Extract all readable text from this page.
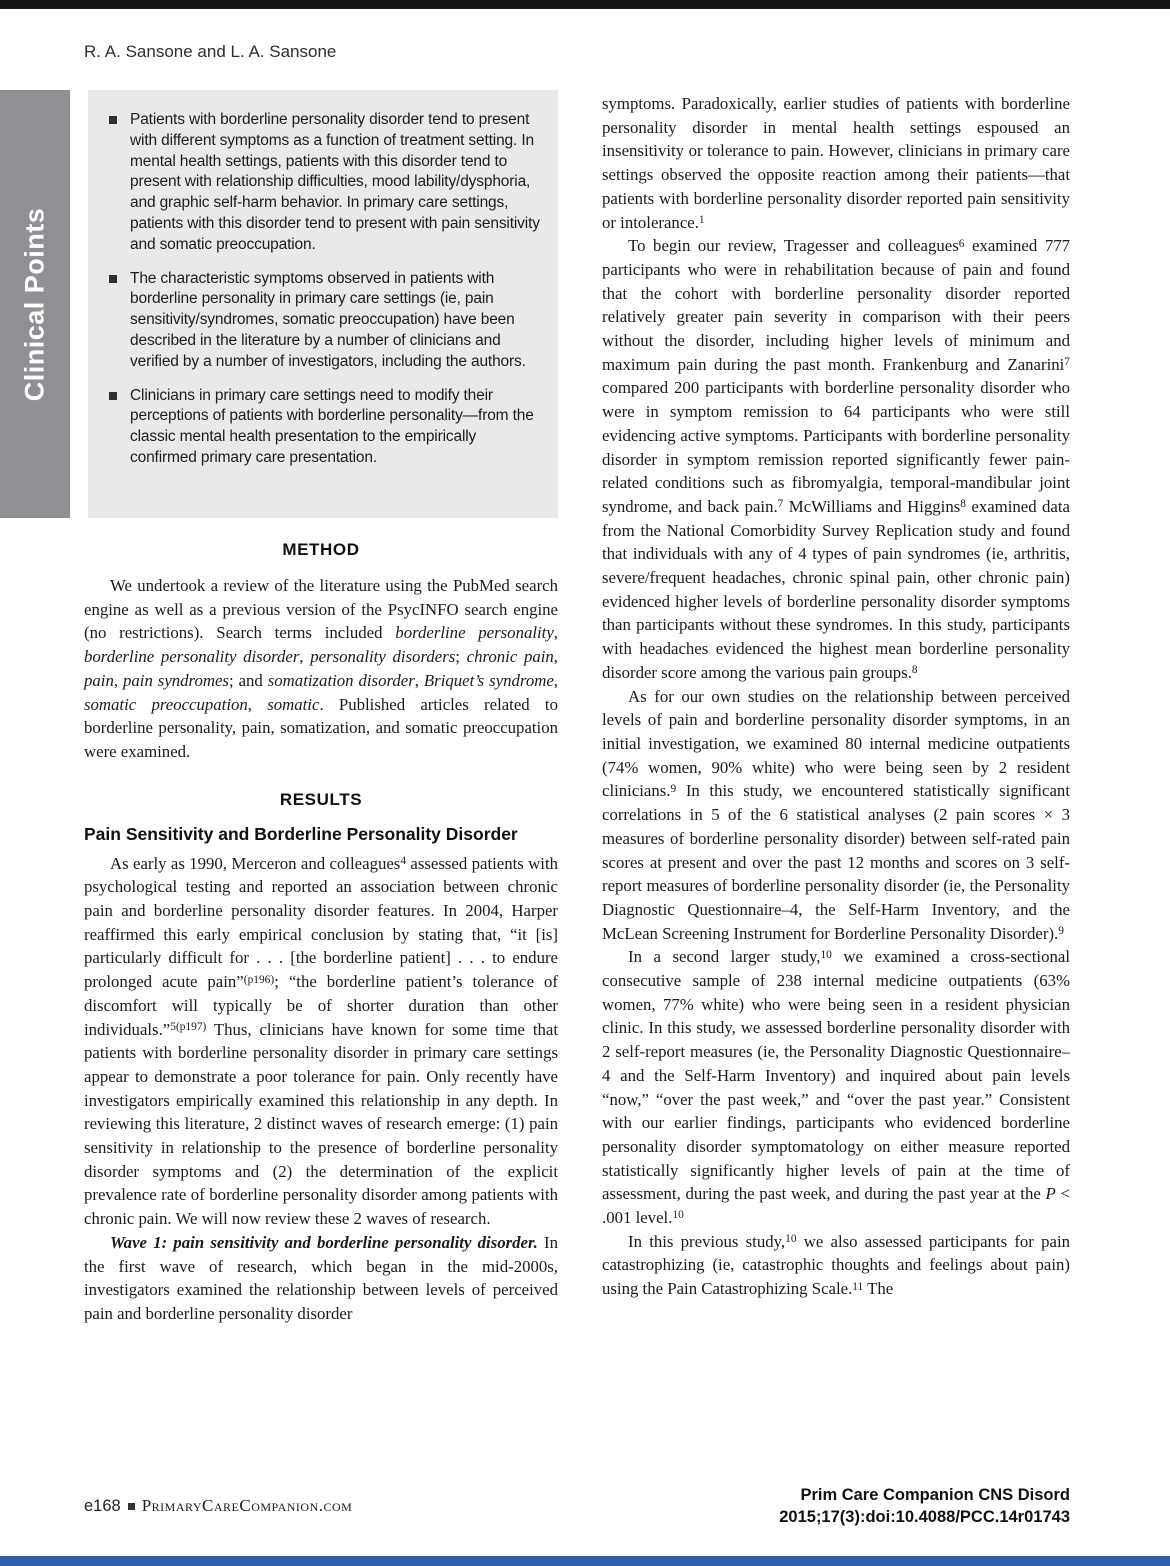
R. A. Sansone and L. A. Sansone
Clinical Points
Patients with borderline personality disorder tend to present with different symptoms as a function of treatment setting. In mental health settings, patients with this disorder tend to present with relationship difficulties, mood lability/dysphoria, and graphic self-harm behavior. In primary care settings, patients with this disorder tend to present with pain sensitivity and somatic preoccupation.
The characteristic symptoms observed in patients with borderline personality in primary care settings (ie, pain sensitivity/syndromes, somatic preoccupation) have been described in the literature by a number of clinicians and verified by a number of investigators, including the authors.
Clinicians in primary care settings need to modify their perceptions of patients with borderline personality—from the classic mental health presentation to the empirically confirmed primary care presentation.
METHOD

We undertook a review of the literature using the PubMed search engine as well as a previous version of the PsycINFO search engine (no restrictions). Search terms included borderline personality, borderline personality disorder, personality disorders; chronic pain, pain, pain syndromes; and somatization disorder, Briquet’s syndrome, somatic preoccupation, somatic. Published articles related to borderline personality, pain, somatization, and somatic preoccupation were examined.

RESULTS
Pain Sensitivity and Borderline Personality Disorder

As early as 1990, Merceron and colleagues$^4$ assessed patients with psychological testing and reported an association between chronic pain and borderline personality disorder features. In 2004, Harper reaffirmed this early empirical conclusion by stating that, “it [is] particularly difficult for . . . [the borderline patient] . . . to endure prolonged acute pain”$^{(p196)}$; “the borderline patient’s tolerance of discomfort will typically be of shorter duration than other individuals.”$^{5(p197)}$ Thus, clinicians have known for some time that patients with borderline personality disorder in primary care settings appear to demonstrate a poor tolerance for pain. Only recently have investigators empirically examined this relationship in any depth. In reviewing this literature, 2 distinct waves of research emerge: (1) pain sensitivity in relationship to the presence of borderline personality disorder symptoms and (2) the determination of the explicit prevalence rate of borderline personality disorder among patients with chronic pain. We will now review these 2 waves of research.

Wave 1: pain sensitivity and borderline personality disorder. In the first wave of research, which began in the mid-2000s, investigators examined the relationship between levels of perceived pain and borderline personality disorder

symptoms. Paradoxically, earlier studies of patients with borderline personality disorder in mental health settings espoused an insensitivity or tolerance to pain. However, clinicians in primary care settings observed the opposite reaction among their patients—that patients with borderline personality disorder reported pain sensitivity or intolerance.$^1$

To begin our review, Tragesser and colleagues$^6$ examined 777 participants who were in rehabilitation because of pain and found that the cohort with borderline personality disorder reported relatively greater pain severity in comparison with their peers without the disorder, including higher levels of minimum and maximum pain during the past month. Frankenburg and Zanarini$^7$ compared 200 participants with borderline personality disorder who were in symptom remission to 64 participants who were still evidencing active symptoms. Participants with borderline personality disorder in symptom remission reported significantly fewer pain-related conditions such as fibromyalgia, temporal-mandibular joint syndrome, and back pain.$^7$ McWilliams and Higgins$^8$ examined data from the National Comorbidity Survey Replication study and found that individuals with any of 4 types of pain syndromes (ie, arthritis, severe/frequent headaches, chronic spinal pain, other chronic pain) evidenced higher levels of borderline personality disorder symptoms than participants without these syndromes. In this study, participants with headaches evidenced the highest mean borderline personality disorder score among the various pain groups.$^8$

As for our own studies on the relationship between perceived levels of pain and borderline personality disorder symptoms, in an initial investigation, we examined 80 internal medicine outpatients (74% women, 90% white) who were being seen by 2 resident clinicians.$^9$ In this study, we encountered statistically significant correlations in 5 of the 6 statistical analyses (2 pain scores × 3 measures of borderline personality disorder) between self-rated pain scores at present and over the past 12 months and scores on 3 self-report measures of borderline personality disorder (ie, the Personality Diagnostic Questionnaire–4, the Self-Harm Inventory, and the McLean Screening Instrument for Borderline Personality Disorder).$^9$

In a second larger study,$^{10}$ we examined a cross-sectional consecutive sample of 238 internal medicine outpatients (63% women, 77% white) who were being seen in a resident physician clinic. In this study, we assessed borderline personality disorder with 2 self-report measures (ie, the Personality Diagnostic Questionnaire–4 and the Self-Harm Inventory) and inquired about pain levels “now,” “over the past week,” and “over the past year.” Consistent with our earlier findings, participants who evidenced borderline personality disorder symptomatology on either measure reported statistically significantly higher levels of pain at the time of assessment, during the past week, and during the past year at the P < .001 level.$^{10}$

In this previous study,$^{10}$ we also assessed participants for pain catastrophizing (ie, catastrophic thoughts and feelings about pain) using the Pain Catastrophizing Scale.$^{11}$ The

e168 PrimaryCareCompanion.com
Prim Care Companion CNS Disord
2015;17(3):doi:10.4088/PCC.14r01743
